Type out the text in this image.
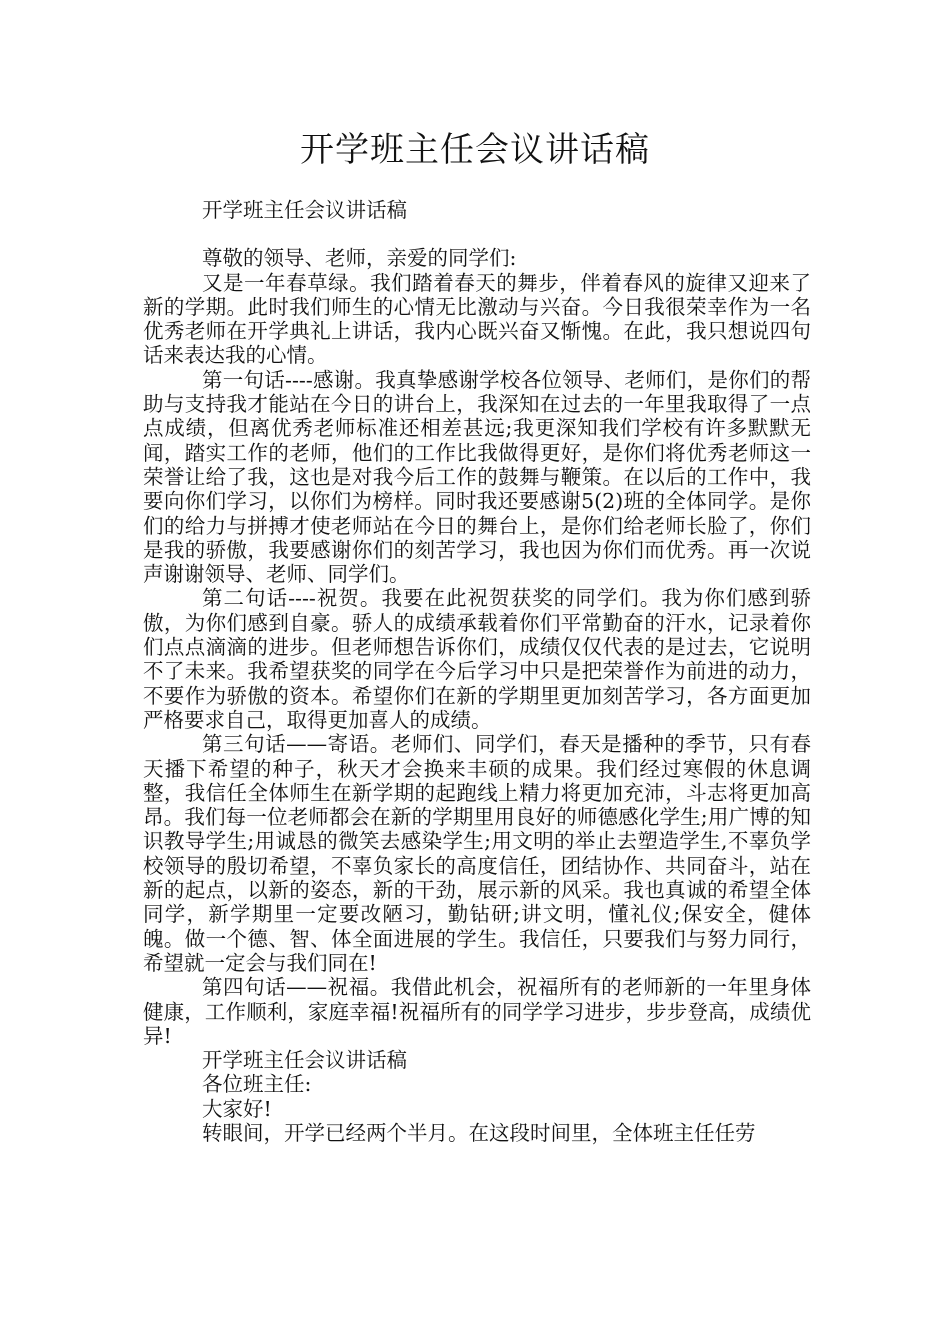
开学班主任会议讲话稿

开学班主任会议讲话稿

尊敬的领导、老师，亲爱的同学们:

又是一年春草绿。我们踏着春天的舞步，伴着春风的旋律又迎来了新的学期。此时我们师生的心情无比激动与兴奋。今日我很荣幸作为一名优秀老师在开学典礼上讲话，我内心既兴奋又惭愧。在此，我只想说四句话来表达我的心情。

第一句话----感谢。我真挚感谢学校各位领导、老师们，是你们的帮助与支持我才能站在今日的讲台上，我深知在过去的一年里我取得了一点点成绩，但离优秀老师标准还相差甚远;我更深知我们学校有许多默默无闻，踏实工作的老师，他们的工作比我做得更好，是你们将优秀老师这一荣誉让给了我，这也是对我今后工作的鼓舞与鞭策。在以后的工作中，我要向你们学习，以你们为榜样。同时我还要感谢5(2)班的全体同学。是你们的给力与拼搏才使老师站在今日的舞台上，是你们给老师长脸了，你们是我的骄傲，我要感谢你们的刻苦学习，我也因为你们而优秀。再一次说声谢谢领导、老师、同学们。

第二句话----祝贺。我要在此祝贺获奖的同学们。我为你们感到骄傲，为你们感到自豪。骄人的成绩承载着你们平常勤奋的汗水，记录着你们点点滴滴的进步。但老师想告诉你们，成绩仅仅代表的是过去，它说明不了未来。我希望获奖的同学在今后学习中只是把荣誉作为前进的动力，不要作为骄傲的资本。希望你们在新的学期里更加刻苦学习，各方面更加严格要求自己，取得更加喜人的成绩。

第三句话——寄语。老师们、同学们，春天是播种的季节，只有春天播下希望的种子，秋天才会换来丰硕的成果。我们经过寒假的休息调整，我信任全体师生在新学期的起跑线上精力将更加充沛，斗志将更加高昂。我们每一位老师都会在新的学期里用良好的师德感化学生;用广博的知识教导学生;用诚恳的微笑去感染学生;用文明的举止去塑造学生,不辜负学校领导的殷切希望，不辜负家长的高度信任，团结协作、共同奋斗，站在新的起点，以新的姿态，新的干劲，展示新的风采。我也真诚的希望全体同学，新学期里一定要改陋习，勤钻研;讲文明，懂礼仪;保安全，健体魄。做一个德、智、体全面进展的学生。我信任，只要我们与努力同行，希望就一定会与我们同在!

第四句话——祝福。我借此机会，祝福所有的老师新的一年里身体健康，工作顺利，家庭幸福!祝福所有的同学学习进步，步步登高，成绩优异!

开学班主任会议讲话稿

各位班主任:

大家好!

转眼间，开学已经两个半月。在这段时间里，全体班主任任劳
